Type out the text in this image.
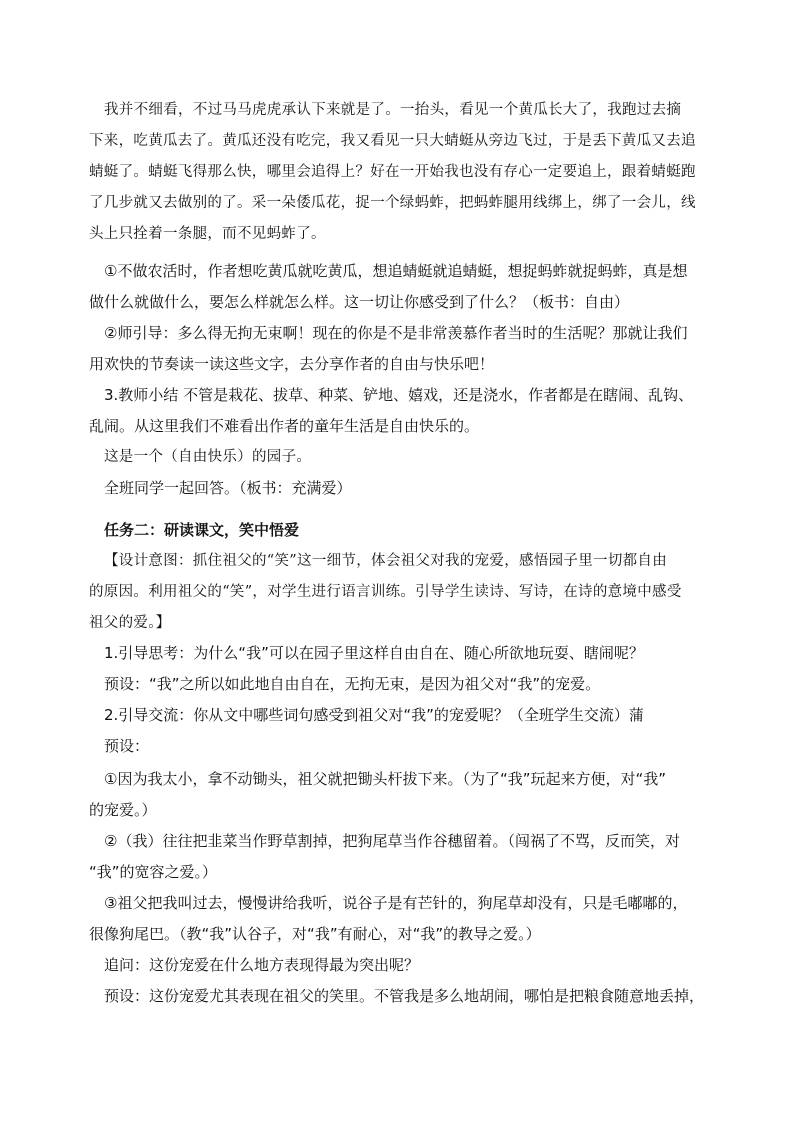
我并不细看，不过马马虎虎承认下来就是了。一抬头，看见一个黄瓜长大了，我跑过去摘
下来，吃黄瓜去了。黄瓜还没有吃完，我又看见一只大蜻蜓从旁边飞过，于是丢下黄瓜又去追
蜻蜓了。蜻蜓飞得那么快，哪里会追得上？好在一开始我也没有存心一定要追上，跟着蜻蜓跑
了几步就又去做别的了。采一朵倭瓜花，捉一个绿蚂蚱，把蚂蚱腿用线绑上，绑了一会儿，线
头上只拴着一条腿，而不见蚂蚱了。
①不做农活时，作者想吃黄瓜就吃黄瓜，想追蜻蜓就追蜻蜓，想捉蚂蚱就捉蚂蚱，真是想
做什么就做什么，要怎么样就怎么样。这一切让你感受到了什么？（板书：自由）
②师引导：多么得无拘无束啊！现在的你是不是非常羡慕作者当时的生活呢？那就让我们
用欢快的节奏读一读这些文字，去分享作者的自由与快乐吧！
3.教师小结 不管是栽花、拔草、种菜、铲地、嬉戏，还是浇水，作者都是在瞎闹、乱钩、
乱闹。从这里我们不难看出作者的童年生活是自由快乐的。
这是一个（自由快乐）的园子。
全班同学一起回答。（板书：充满爱）
任务二：研读课文，笑中悟爱
【设计意图：抓住祖父的“笑”这一细节，体会祖父对我的宠爱，感悟园子里一切都自由
的原因。利用祖父的“笑”，对学生进行语言训练。引导学生读诗、写诗，在诗的意境中感受
祖父的爱。】
1.引导思考：为什么“我”可以在园子里这样自由自在、随心所欲地玩耍、瞎闹呢？
预设：“我”之所以如此地自由自在，无拘无束，是因为祖父对“我”的宠爱。
2.引导交流：你从文中哪些词句感受到祖父对“我”的宠爱呢？（全班学生交流）蒲
预设：
①因为我太小，拿不动锄头，祖父就把锄头杆拔下来。（为了“我”玩起来方便，对“我”
的宠爱。）
②（我）往往把韭菜当作野草割掉，把狗尾草当作谷穗留着。（闯祸了不骂，反而笑，对
“我”的宽容之爱。）
③祖父把我叫过去，慢慢讲给我听，说谷子是有芒针的，狗尾草却没有，只是毛嘟嘟的，
很像狗尾巴。（教“我”认谷子，对“我”有耐心，对“我”的教导之爱。）
追问：这份宠爱在什么地方表现得最为突出呢？
预设：这份宠爱尤其表现在祖父的笑里。不管我是多么地胡闹，哪怕是把粮食随意地丢掉，
